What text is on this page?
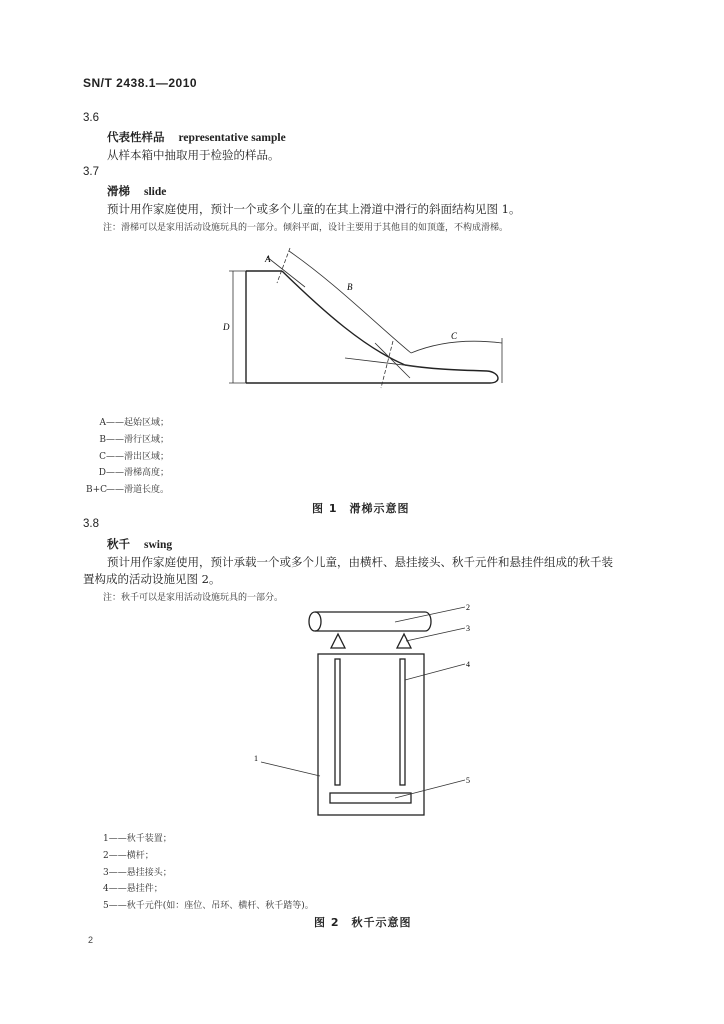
SN/T 2438.1—2010
3.6
代表性样品 representative sample
从样本箱中抽取用于检验的样品。
3.7
滑梯 slide
预计用作家庭使用，预计一个或多个儿童的在其上滑道中滑行的斜面结构见图 1。
注：滑梯可以是家用活动设施玩具的一部分。倾斜平面，设计主要用于其他目的如顶蓬，不构成滑梯。
A
B
C
D
A——起始区域；
B——滑行区域；
C——滑出区域；
D——滑梯高度；
B+C——滑道长度。
图 1　滑梯示意图
3.8
秋千 swing
预计用作家庭使用，预计承载一个或多个儿童，由横杆、悬挂接头、秋千元件和悬挂件组成的秋千装
置构成的活动设施见图 2。
注：秋千可以是家用活动设施玩具的一部分。
1
2
3
4
5
1——秋千装置；
2——横杆；
3——悬挂接头；
4——悬挂件；
5——秋千元件(如：座位、吊环、横杆、秋千踏等)。
图 2　秋千示意图
2
